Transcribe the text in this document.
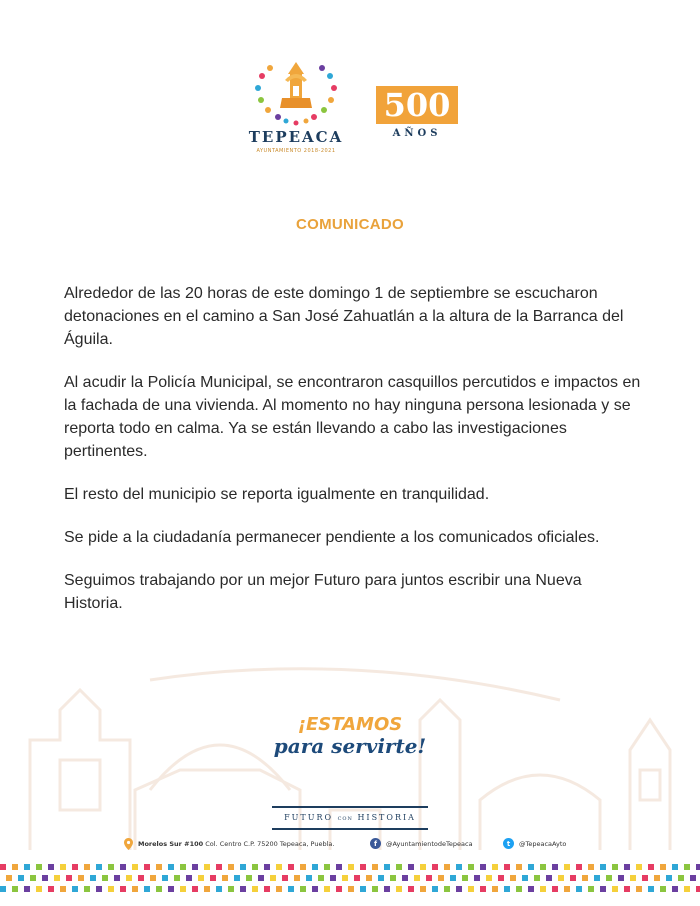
TEPEACA
AYUNTAMIENTO 2018-2021
500
AÑOS
COMUNICADO

Alrededor de las 20 horas de este domingo 1 de septiembre se escucharon detonaciones en el camino a San José Zahuatlán a la altura de la Barranca del Águila.

Al acudir la Policía Municipal, se encontraron casquillos percutidos e impactos en la fachada de una vivienda. Al momento no hay ninguna persona lesionada y se reporta todo en calma. Ya se están llevando a cabo las investigaciones pertinentes.

El resto del municipio se reporta igualmente en tranquilidad.

Se pide a la ciudadanía permanecer pendiente a los comunicados oficiales.

Seguimos trabajando por un mejor Futuro para juntos escribir una Nueva Historia.

¡ESTAMOS
para servirte!
FUTURO CON HISTORIA
Morelos Sur #100 Col. Centro C.P. 75200 Tepeaca, Puebla.	f	@AyuntamientodeTepeaca	t	@TepeacaAyto
